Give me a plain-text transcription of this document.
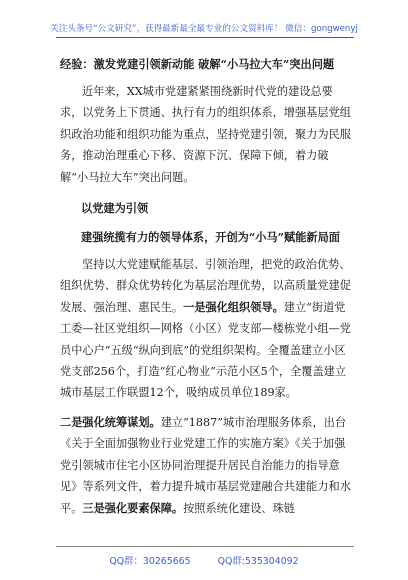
关注头条号“公文研究”，获得最新最全最专业的公文资料库！ 微信：gongwenyj

经验：激发党建引领新动能 破解“小马拉大车”突出问题

近年来，XX城市党建紧紧围绕新时代党的建设总要求，以党务上下贯通、执行有力的组织体系，增强基层党组织政治功能和组织功能为重点，坚持党建引领，聚力为民服务，推动治理重心下移、资源下沉、保障下倾，着力破解“小马拉大车”突出问题。

以党建为引领

建强统揽有力的领导体系，开创为“小马”赋能新局面

坚持以大党建赋能基层、引领治理，把党的政治优势、组织优势、群众优势转化为基层治理优势，以高质量党建促发展、强治理、惠民生。一是强化组织领导。建立“街道党工委—社区党组织—网格（小区）党支部—楼栋党小组—党员中心户”五级“纵向到底”的党组织架构。全覆盖建立小区党支部256个，打造“红心物业”示范小区5个，全覆盖建立城市基层工作联盟12个，吸纳成员单位189家。

二是强化统筹谋划。建立“1887”城市治理服务体系，出台《关于全面加强物业行业党建工作的实施方案》《关于加强党引领城市住宅小区协同治理提升居民自治能力的指导意见》等系列文件，着力提升城市基层党建融合共建能力和水平。三是强化要素保障。按照系统化建设、珠链

QQ群：30265665	QQ群:535304092
